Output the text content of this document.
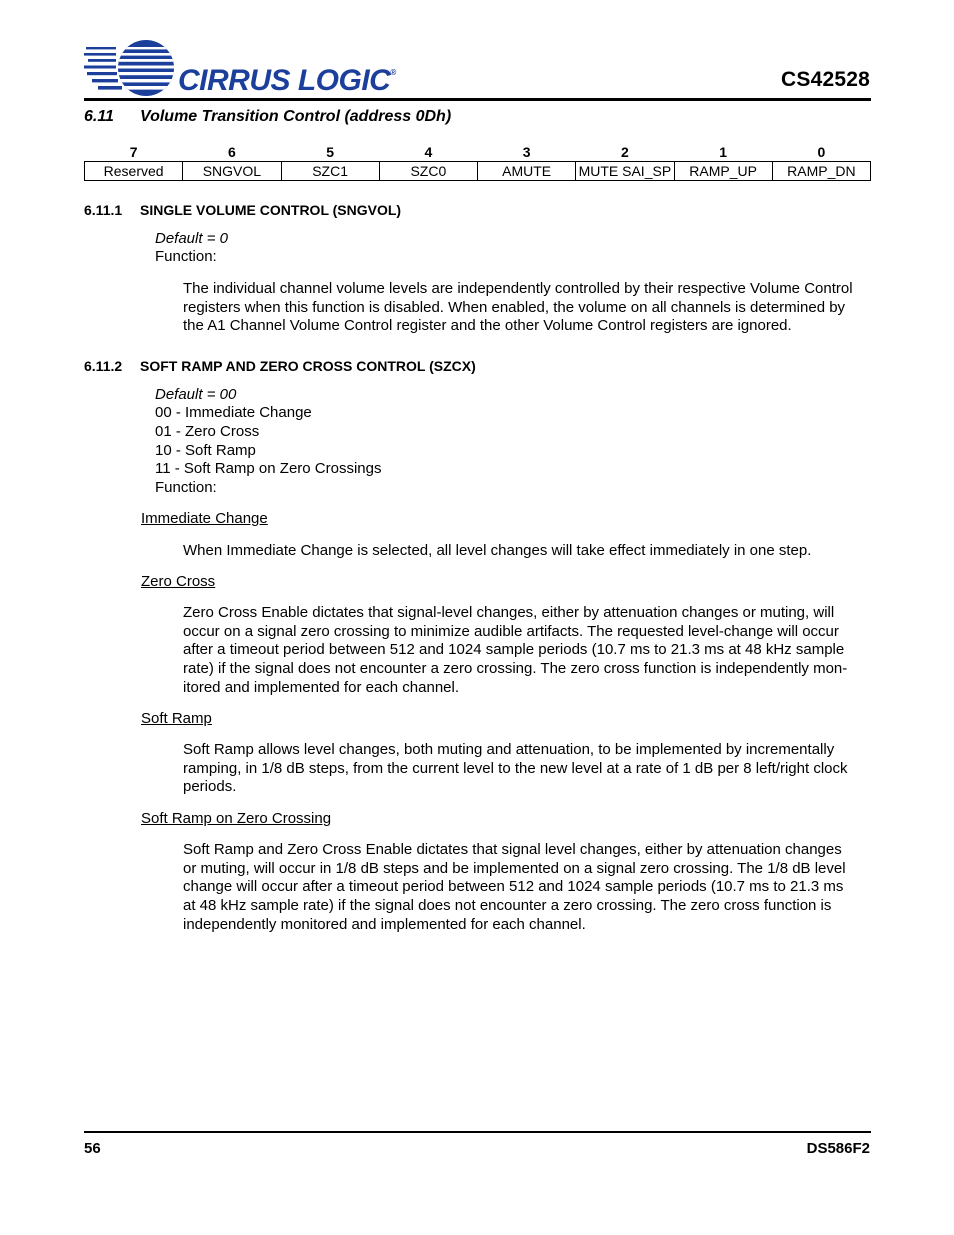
CIRRUS LOGIC®	CS42528
6.11 Volume Transition Control (address 0Dh)
7	6	5	4	3	2	1	0
Reserved	SNGVOL	SZC1	SZC0	AMUTE	MUTE SAI_SP	RAMP_UP	RAMP_DN
6.11.1 SINGLE VOLUME CONTROL (SNGVOL)
Default = 0
Function:
The individual channel volume levels are independently controlled by their respective Volume Control
registers when this function is disabled. When enabled, the volume on all channels is determined by
the A1 Channel Volume Control register and the other Volume Control registers are ignored.
6.11.2 SOFT RAMP AND ZERO CROSS CONTROL (SZCX)
Default = 00
00 - Immediate Change
01 - Zero Cross
10 - Soft Ramp
11 - Soft Ramp on Zero Crossings
Function:
Immediate Change
When Immediate Change is selected, all level changes will take effect immediately in one step.
Zero Cross
Zero Cross Enable dictates that signal-level changes, either by attenuation changes or muting, will
occur on a signal zero crossing to minimize audible artifacts. The requested level-change will occur
after a timeout period between 512 and 1024 sample periods (10.7 ms to 21.3 ms at 48 kHz sample
rate) if the signal does not encounter a zero crossing. The zero cross function is independently mon-
itored and implemented for each channel.
Soft Ramp
Soft Ramp allows level changes, both muting and attenuation, to be implemented by incrementally
ramping, in 1/8 dB steps, from the current level to the new level at a rate of 1 dB per 8 left/right clock
periods.
Soft Ramp on Zero Crossing
Soft Ramp and Zero Cross Enable dictates that signal level changes, either by attenuation changes
or muting, will occur in 1/8 dB steps and be implemented on a signal zero crossing. The 1/8 dB level
change will occur after a timeout period between 512 and 1024 sample periods (10.7 ms to 21.3 ms
at 48 kHz sample rate) if the signal does not encounter a zero crossing. The zero cross function is
independently monitored and implemented for each channel.
56	DS586F2
